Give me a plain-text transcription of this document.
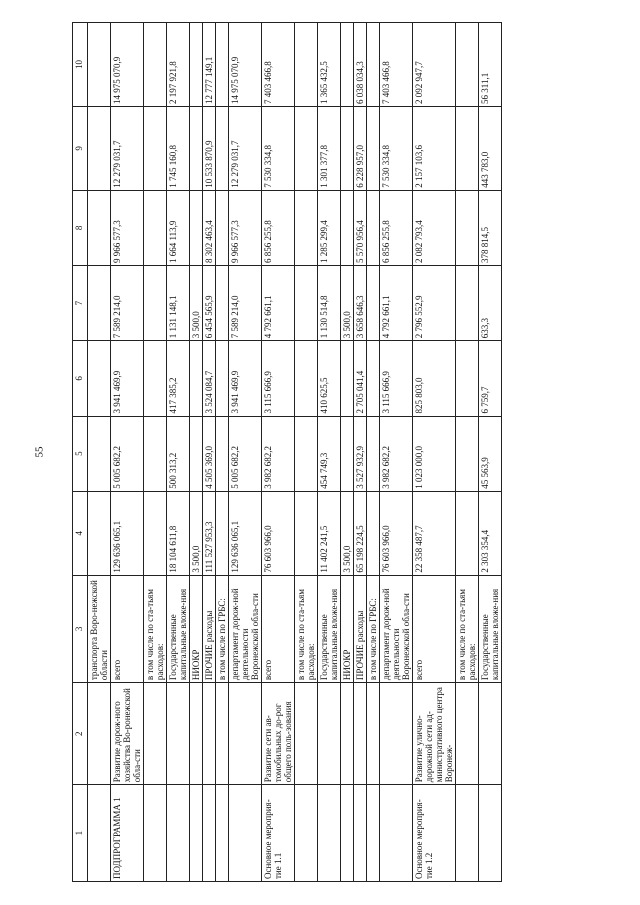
55
1	2	3	4	5	6	7	8	9	10
		транспорта Воро-нежской области							
ПОДПРОГРАММА 1	Развитие дорож-ного хозяйства Во-ронежской обла-сти	всего	129 636 065,1	5 005 682,2	3 941 469,9	7 589 214,0	9 966 577,3	12 279 031,7	14 975 070,9
		в том числе по ста-тьям расходов:							
		Государственные капитальные вложе-ния	18 104 611,8	500 313,2	417 385,2	1 131 148,1	1 664 113,9	1 745 160,8	2 197 921,8
		НИОКР	3 500,0			3 500,0			
		ПРОЧИЕ расходы	111 527 953,3	4 505 369,0	3 524 084,7	6 454 565,9	8 302 463,4	10 533 870,9	12 777 149,1
		в том числе по ГРБС:							
		департамент дорож-ной деятельности Воронежской обла-сти	129 636 065,1	5 005 682,2	3 941 469,9	7 589 214,0	9 966 577,3	12 279 031,7	14 975 070,9
Основное мероприя-тие 1.1	Развитие сети ав-томобильных до-рог общего поль-зования	всего	76 603 966,0	3 982 682,2	3 115 666,9	4 792 661,1	6 856 255,8	7 530 334,8	7 403 466,8
		в том числе по ста-тьям расходов:							
		Государственные капитальные вложе-ния	11 402 241,5	454 749,3	410 625,5	1 130 514,8	1 285 299,4	1 301 377,8	1 365 432,5
		НИОКР	3 500,0			3 500,0			
		ПРОЧИЕ расходы	65 198 224,5	3 527 932,9	2 705 041,4	3 658 646,3	5 570 956,4	6 228 957,0	6 038 034,3
		в том числе по ГРБС:							
		департамент дорож-ной деятельности Воронежской обла-сти	76 603 966,0	3 982 682,2	3 115 666,9	4 792 661,1	6 856 255,8	7 530 334,8	7 403 466,8
Основное мероприя-тие 1.2	Развитие улично-дорожной сети ад-министративного центра Воронеж-	всего	22 358 487,7	1 023 000,0	825 803,0	2 796 552,9	2 082 793,4	2 157 103,6	2 092 947,7
		в том числе по ста-тьям расходов:							
		Государственные капитальные вложе-ния	2 303 354,4	45 563,9	6 759,7	633,3	378 814,5	443 783,0	56 311,1
